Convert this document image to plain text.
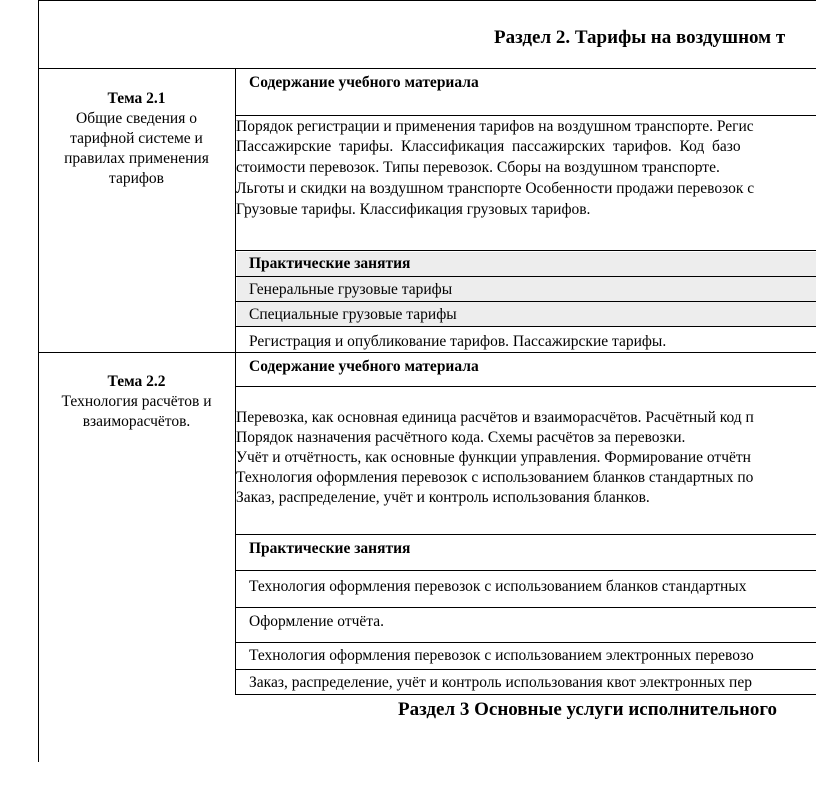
Раздел 2. Тарифы на воздушном т
Тема 2.1
Общие сведения о
тарифной системе и
правилах применения
тарифов
Содержание учебного материала
Порядок регистрации и применения тарифов на воздушном транспорте. Регис
Пассажирские  тарифы.  Классификация  пассажирских  тарифов.  Код  базо
стоимости перевозок. Типы перевозок. Сборы на воздушном транспорте.
Льготы и скидки на воздушном транспорте Особенности продажи перевозок с
Грузовые тарифы. Классификация грузовых тарифов.
Практические занятия
Генеральные грузовые тарифы
Специальные грузовые тарифы
Регистрация и опубликование тарифов. Пассажирские тарифы.
Тема 2.2
Технология расчётов и
взаиморасчётов.
Содержание учебного материала
Перевозка, как основная единица расчётов и взаиморасчётов. Расчётный код п
Порядок назначения расчётного кода. Схемы расчётов за перевозки.
Учёт и отчётность, как основные функции управления. Формирование отчётн
Технология оформления перевозок с использованием бланков стандартных по
Заказ, распределение, учёт и контроль использования бланков.
Практические занятия
Технология оформления перевозок с использованием бланков стандартных
Оформление отчёта.
Технология оформления перевозок с использованием электронных перевозо
Заказ, распределение, учёт и контроль использования квот электронных пер
Раздел 3 Основные услуги исполнительного
